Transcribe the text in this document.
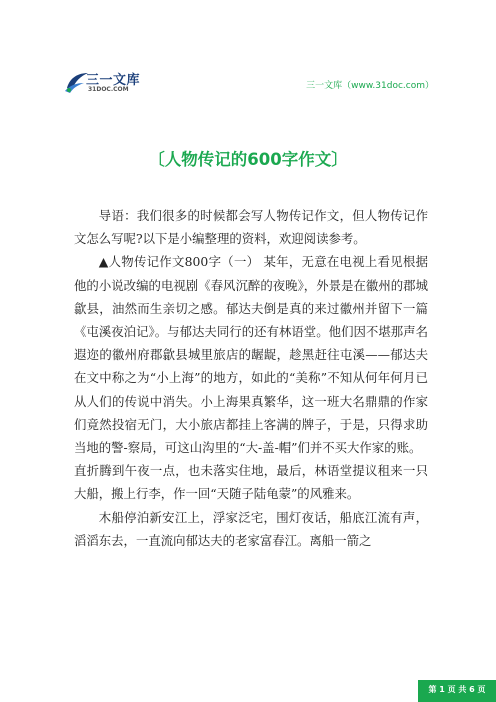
三一文库
31DOC.COM	三一文库（www.31doc.com）
〔人物传记的600字作文〕

导语：我们很多的时候都会写人物传记作文，但人物传记作文怎么写呢?以下是小编整理的资料，欢迎阅读参考。

▲人物传记作文800字（一） 某年，无意在电视上看见根据他的小说改编的电视剧《春风沉醉的夜晚》，外景是在徽州的郡城歙县，油然而生亲切之感。郁达夫倒是真的来过徽州并留下一篇《屯溪夜泊记》。与郁达夫同行的还有林语堂。他们因不堪那声名遐迩的徽州府郡歙县城里旅店的龌龊，趁黑赶往屯溪——郁达夫在文中称之为“小上海”的地方，如此的“美称”不知从何年何月已从人们的传说中消失。小上海果真繁华，这一班大名鼎鼎的作家们竟然投宿无门，大小旅店都挂上客满的牌子，于是，只得求助当地的警-察局，可这山沟里的“大-盖-帽”们并不买大作家的账。

直折腾到午夜一点，也未落实住地，最后，林语堂提议租来一只大船，搬上行李，作一回“天随子陆龟蒙”的风雅来。

木船停泊新安江上，浮家泛宅，围灯夜话，船底江流有声，滔滔东去，一直流向郁达夫的老家富春江。离船一箭之

第 1 页 共 6 页
